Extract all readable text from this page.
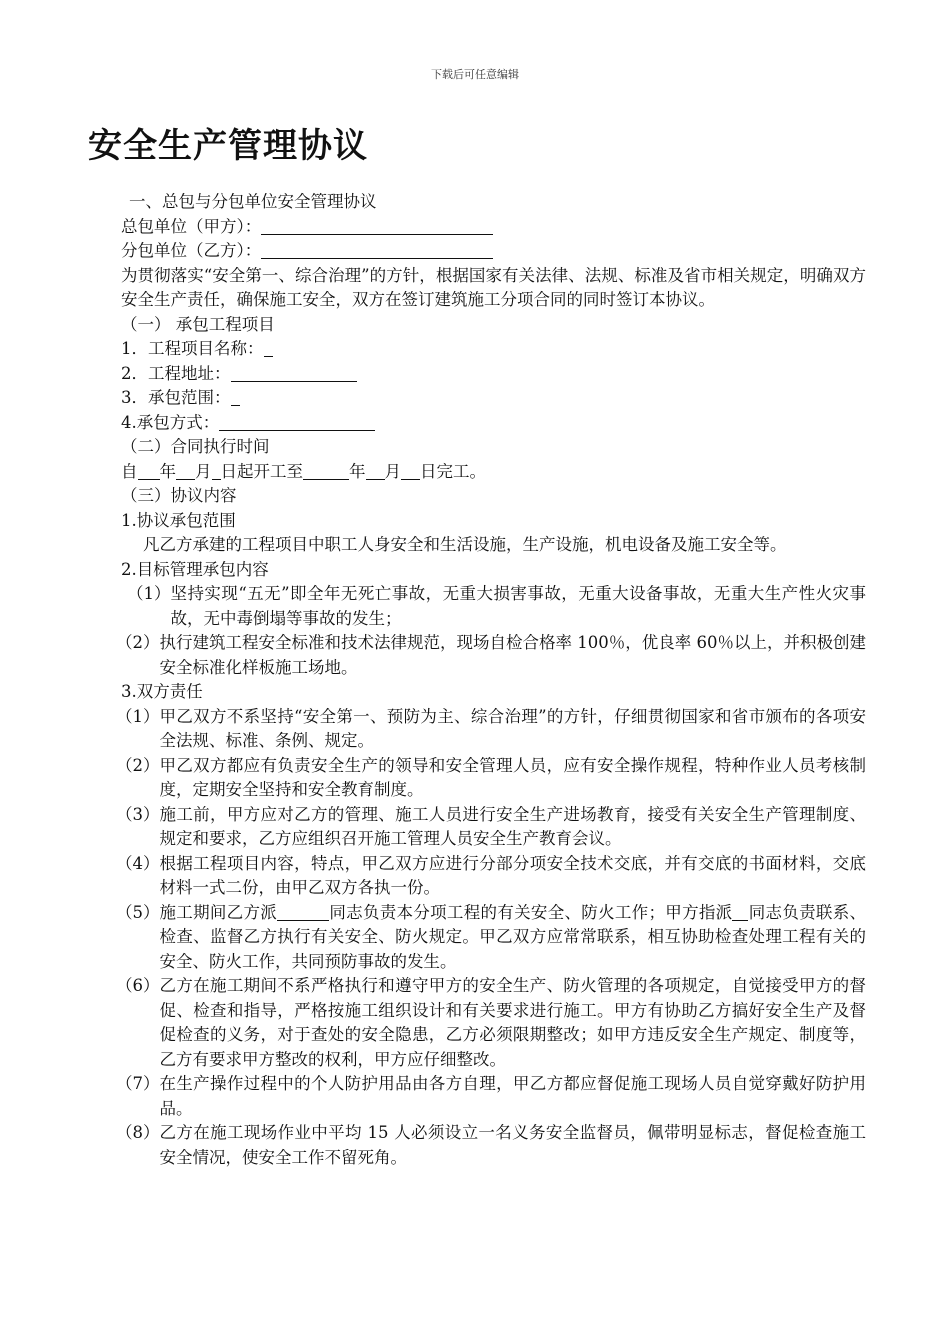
下载后可任意编辑
安全生产管理协议
一、总包与分包单位安全管理协议
总包单位（甲方）：
分包单位（乙方）：
为贯彻落实“安全第一、综合治理”的方针，根据国家有关法律、法规、标准及省市相关规定，明确双方安全生产责任，确保施工安全，双方在签订建筑施工分项合同的同时签订本协议。
（一） 承包工程项目
1．工程项目名称：
2．工程地址：
3．承包范围：
4.承包方式：
（二）合同执行时间
自 年 月 日起开工至	年 月 日完工。
（三）协议内容
1.协议承包范围
凡乙方承建的工程项目中职工人身安全和生活设施，生产设施，机电设备及施工安全等。
2.目标管理承包内容
（1） 坚持实现“五无”即全年无死亡事故，无重大损害事故，无重大设备事故，无重大生产性火灾事故，无中毒倒塌等事故的发生；
（2） 执行建筑工程安全标准和技术法律规范，现场自检合格率 100％，优良率 60％以上，并积极创建安全标准化样板施工场地。
3.双方责任
（1） 甲乙双方不系坚持“安全第一、预防为主、综合治理”的方针，仔细贯彻国家和省市颁布的各项安全法规、标准、条例、规定。
（2） 甲乙双方都应有负责安全生产的领导和安全管理人员，应有安全操作规程，特种作业人员考核制度，定期安全坚持和安全教育制度。
（3） 施工前，甲方应对乙方的管理、施工人员进行安全生产进场教育，接受有关安全生产管理制度、规定和要求，乙方应组织召开施工管理人员安全生产教育会议。
（4） 根据工程项目内容，特点，甲乙双方应进行分部分项安全技术交底，并有交底的书面材料，交底材料一式二份，由甲乙双方各执一份。
（5） 施工期间乙方派	同志负责本分项工程的有关安全、防火工作；甲方指派 同志负责联系、检查、监督乙方执行有关安全、防火规定。甲乙双方应常常联系，相互协助检查处理工程有关的安全、防火工作，共同预防事故的发生。
（6） 乙方在施工期间不系严格执行和遵守甲方的安全生产、防火管理的各项规定，自觉接受甲方的督促、检查和指导，严格按施工组织设计和有关要求进行施工。甲方有协助乙方搞好安全生产及督促检查的义务，对于查处的安全隐患，乙方必须限期整改；如甲方违反安全生产规定、制度等，乙方有要求甲方整改的权利，甲方应仔细整改。
（7） 在生产操作过程中的个人防护用品由各方自理，甲乙方都应督促施工现场人员自觉穿戴好防护用品。
（8） 乙方在施工现场作业中平均 15 人必须设立一名义务安全监督员，佩带明显标志，督促检查施工安全情况，使安全工作不留死角。
